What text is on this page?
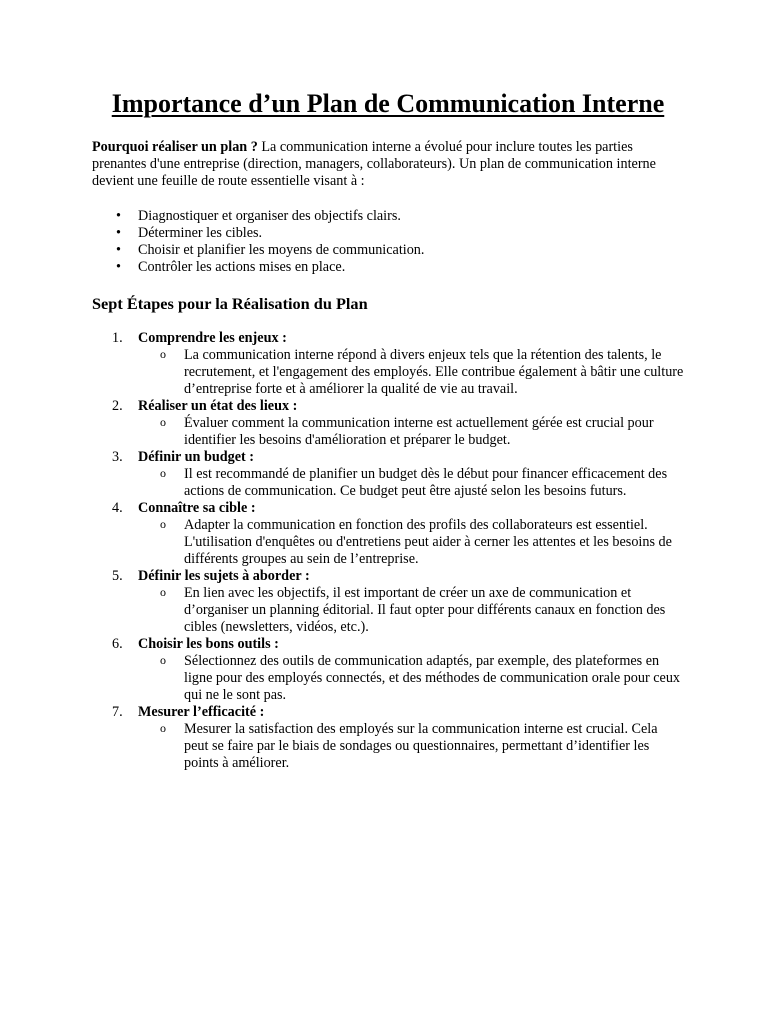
Importance d’un Plan de Communication Interne

Pourquoi réaliser un plan ? La communication interne a évolué pour inclure toutes les parties prenantes d'une entreprise (direction, managers, collaborateurs). Un plan de communication interne devient une feuille de route essentielle visant à :

• Diagnostiquer et organiser des objectifs clairs.
• Déterminer les cibles.
• Choisir et planifier les moyens de communication.
• Contrôler les actions mises en place.
Sept Étapes pour la Réalisation du Plan
1. Comprendre les enjeux :
o La communication interne répond à divers enjeux tels que la rétention des talents, le recrutement, et l'engagement des employés. Elle contribue également à bâtir une culture d’entreprise forte et à améliorer la qualité de vie au travail.
2. Réaliser un état des lieux :
o Évaluer comment la communication interne est actuellement gérée est crucial pour identifier les besoins d'amélioration et préparer le budget.
3. Définir un budget :
o Il est recommandé de planifier un budget dès le début pour financer efficacement des actions de communication. Ce budget peut être ajusté selon les besoins futurs.
4. Connaître sa cible :
o Adapter la communication en fonction des profils des collaborateurs est essentiel. L'utilisation d'enquêtes ou d'entretiens peut aider à cerner les attentes et les besoins de différents groupes au sein de l’entreprise.
5. Définir les sujets à aborder :
o En lien avec les objectifs, il est important de créer un axe de communication et d’organiser un planning éditorial. Il faut opter pour différents canaux en fonction des cibles (newsletters, vidéos, etc.).
6. Choisir les bons outils :
o Sélectionnez des outils de communication adaptés, par exemple, des plateformes en ligne pour des employés connectés, et des méthodes de communication orale pour ceux qui ne le sont pas.
7. Mesurer l’efficacité :
o Mesurer la satisfaction des employés sur la communication interne est crucial. Cela peut se faire par le biais de sondages ou questionnaires, permettant d’identifier les points à améliorer.
